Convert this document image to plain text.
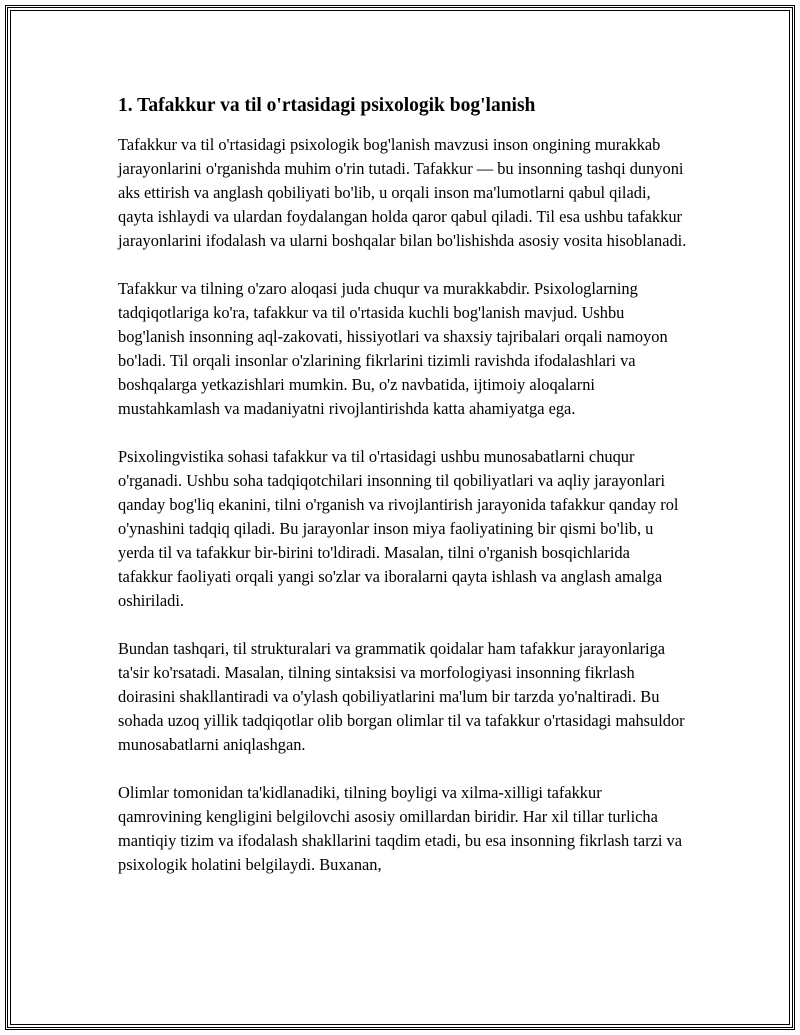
1. Tafakkur va til o'rtasidagi psixologik bog'lanish

Tafakkur va til o'rtasidagi psixologik bog'lanish mavzusi inson ongining murakkab jarayonlarini o'rganishda muhim o'rin tutadi. Tafakkur — bu insonning tashqi dunyoni aks ettirish va anglash qobiliyati bo'lib, u orqali inson ma'lumotlarni qabul qiladi, qayta ishlaydi va ulardan foydalangan holda qaror qabul qiladi. Til esa ushbu tafakkur jarayonlarini ifodalash va ularni boshqalar bilan bo'lishishda asosiy vosita hisoblanadi.

Tafakkur va tilning o'zaro aloqasi juda chuqur va murakkabdir. Psixologlarning tadqiqotlariga ko'ra, tafakkur va til o'rtasida kuchli bog'lanish mavjud. Ushbu bog'lanish insonning aql-zakovati, hissiyotlari va shaxsiy tajribalari orqali namoyon bo'ladi. Til orqali insonlar o'zlarining fikrlarini tizimli ravishda ifodalashlari va boshqalarga yetkazishlari mumkin. Bu, o'z navbatida, ijtimoiy aloqalarni mustahkamlash va madaniyatni rivojlantirishda katta ahamiyatga ega.

Psixolingvistika sohasi tafakkur va til o'rtasidagi ushbu munosabatlarni chuqur o'rganadi. Ushbu soha tadqiqotchilari insonning til qobiliyatlari va aqliy jarayonlari qanday bog'liq ekanini, tilni o'rganish va rivojlantirish jarayonida tafakkur qanday rol o'ynashini tadqiq qiladi. Bu jarayonlar inson miya faoliyatining bir qismi bo'lib, u yerda til va tafakkur bir-birini to'ldiradi. Masalan, tilni o'rganish bosqichlarida tafakkur faoliyati orqali yangi so'zlar va iboralarni qayta ishlash va anglash amalga oshiriladi.

Bundan tashqari, til strukturalari va grammatik qoidalar ham tafakkur jarayonlariga ta'sir ko'rsatadi. Masalan, tilning sintaksisi va morfologiyasi insonning fikrlash doirasini shakllantiradi va o'ylash qobiliyatlarini ma'lum bir tarzda yo'naltiradi. Bu sohada uzoq yillik tadqiqotlar olib borgan olimlar til va tafakkur o'rtasidagi mahsuldor munosabatlarni aniqlashgan.

Olimlar tomonidan ta'kidlanadiki, tilning boyligi va xilma-xilligi tafakkur qamrovining kengligini belgilovchi asosiy omillardan biridir. Har xil tillar turlicha mantiqiy tizim va ifodalash shakllarini taqdim etadi, bu esa insonning fikrlash tarzi va psixologik holatini belgilaydi. Buxanan,
